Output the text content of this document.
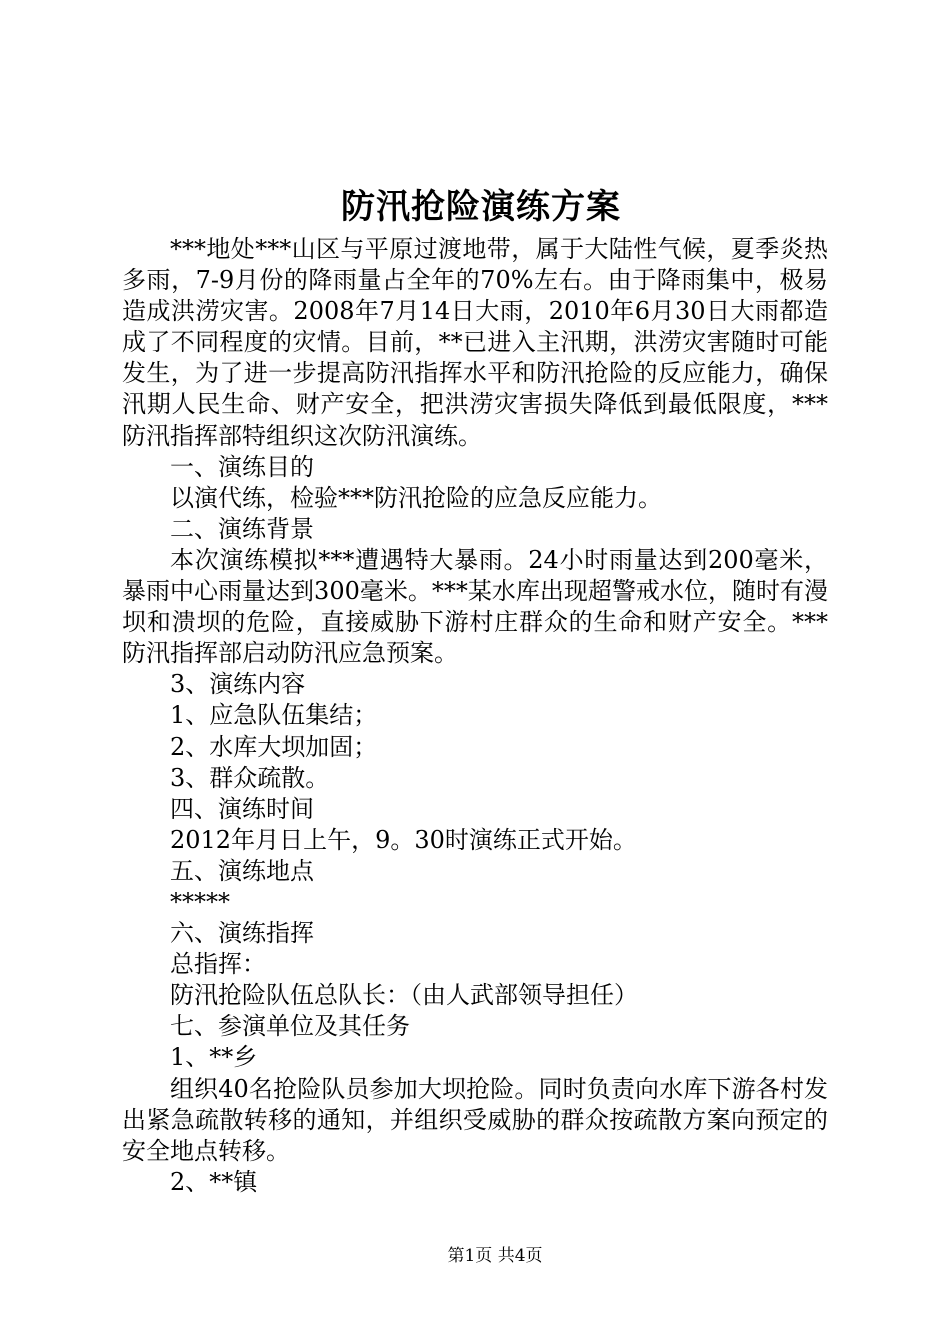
防汛抢险演练方案

***地处***山区与平原过渡地带，属于大陆性气候，夏季炎热多雨，7-9月份的降雨量占全年的70%左右。由于降雨集中，极易造成洪涝灾害。2008年7月14日大雨，2010年6月30日大雨都造成了不同程度的灾情。目前，**已进入主汛期，洪涝灾害随时可能发生，为了进一步提高防汛指挥水平和防汛抢险的反应能力，确保汛期人民生命、财产安全，把洪涝灾害损失降低到最低限度，***防汛指挥部特组织这次防汛演练。

一、演练目的

以演代练，检验***防汛抢险的应急反应能力。

二、演练背景

本次演练模拟***遭遇特大暴雨。24小时雨量达到200毫米，暴雨中心雨量达到300毫米。***某水库出现超警戒水位，随时有漫坝和溃坝的危险，直接威胁下游村庄群众的生命和财产安全。***防汛指挥部启动防汛应急预案。

3、演练内容

1、应急队伍集结；

2、水库大坝加固；

3、群众疏散。

四、演练时间

2012年月日上午，9。30时演练正式开始。

五、演练地点

*****

六、演练指挥

总指挥：

防汛抢险队伍总队长：（由人武部领导担任）

七、参演单位及其任务

1、**乡

组织40名抢险队员参加大坝抢险。同时负责向水库下游各村发出紧急疏散转移的通知，并组织受威胁的群众按疏散方案向预定的安全地点转移。

2、**镇

第1页 共4页
